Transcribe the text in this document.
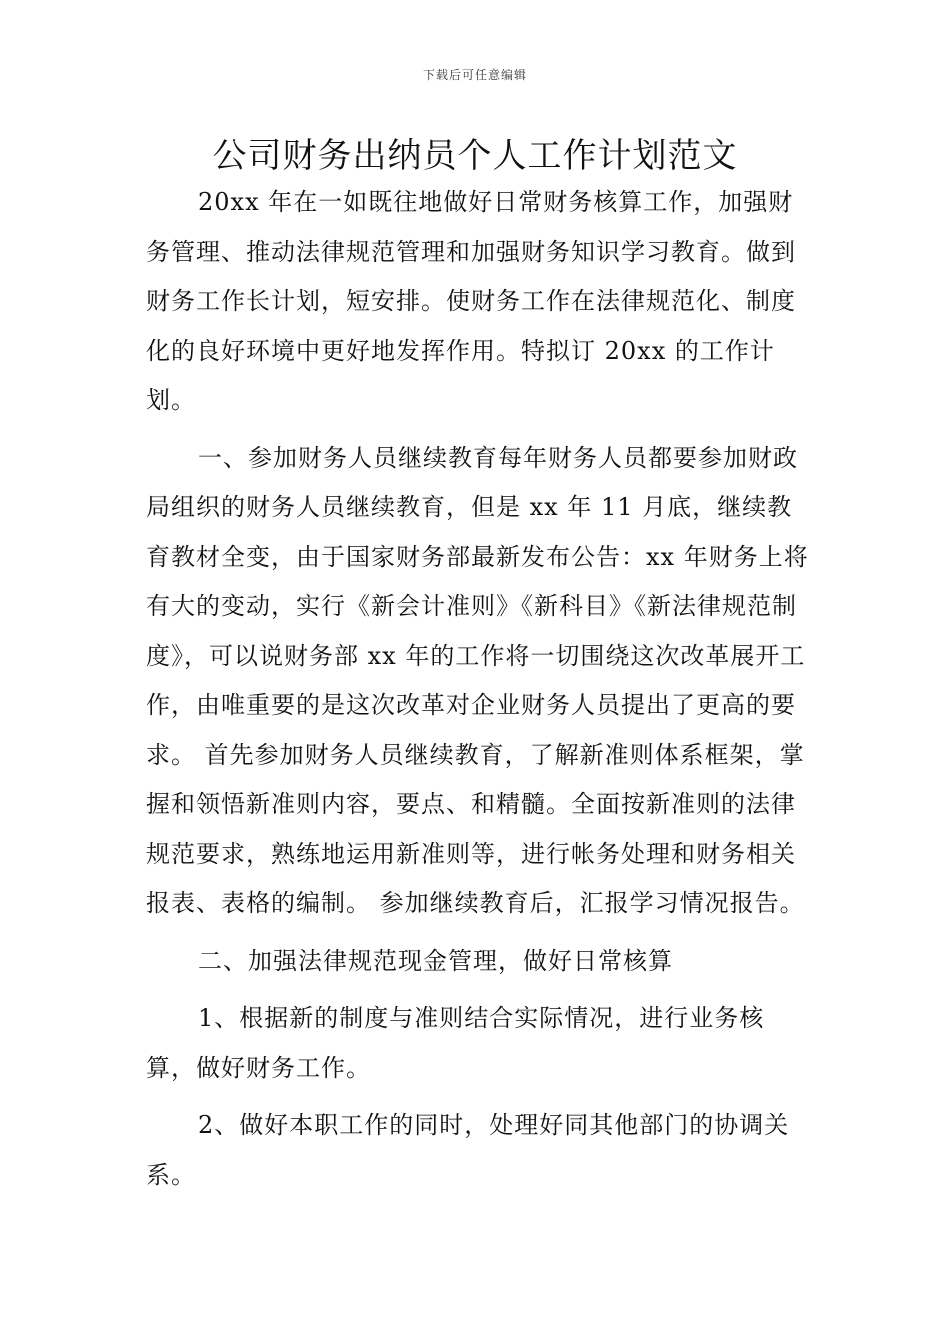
下载后可任意编辑
公司财务出纳员个人工作计划范文

20xx 年在一如既往地做好日常财务核算工作，加强财务管理、推动法律规范管理和加强财务知识学习教育。做到财务工作长计划，短安排。使财务工作在法律规范化、制度化的良好环境中更好地发挥作用。特拟订 20xx 的工作计划。

一、参加财务人员继续教育每年财务人员都要参加财政局组织的财务人员继续教育，但是 xx 年 11 月底，继续教育教材全变，由于国家财务部最新发布公告：xx 年财务上将有大的变动，实行《新会计准则》《新科目》《新法律规范制度》，可以说财务部 xx 年的工作将一切围绕这次改革展开工作，由唯重要的是这次改革对企业财务人员提出了更高的要求。 首先参加财务人员继续教育，了解新准则体系框架，掌握和领悟新准则内容，要点、和精髓。全面按新准则的法律规范要求，熟练地运用新准则等，进行帐务处理和财务相关报表、表格的编制。 参加继续教育后，汇报学习情况报告。

二、加强法律规范现金管理，做好日常核算

1、根据新的制度与准则结合实际情况，进行业务核算，做好财务工作。

2、做好本职工作的同时，处理好同其他部门的协调关系。
